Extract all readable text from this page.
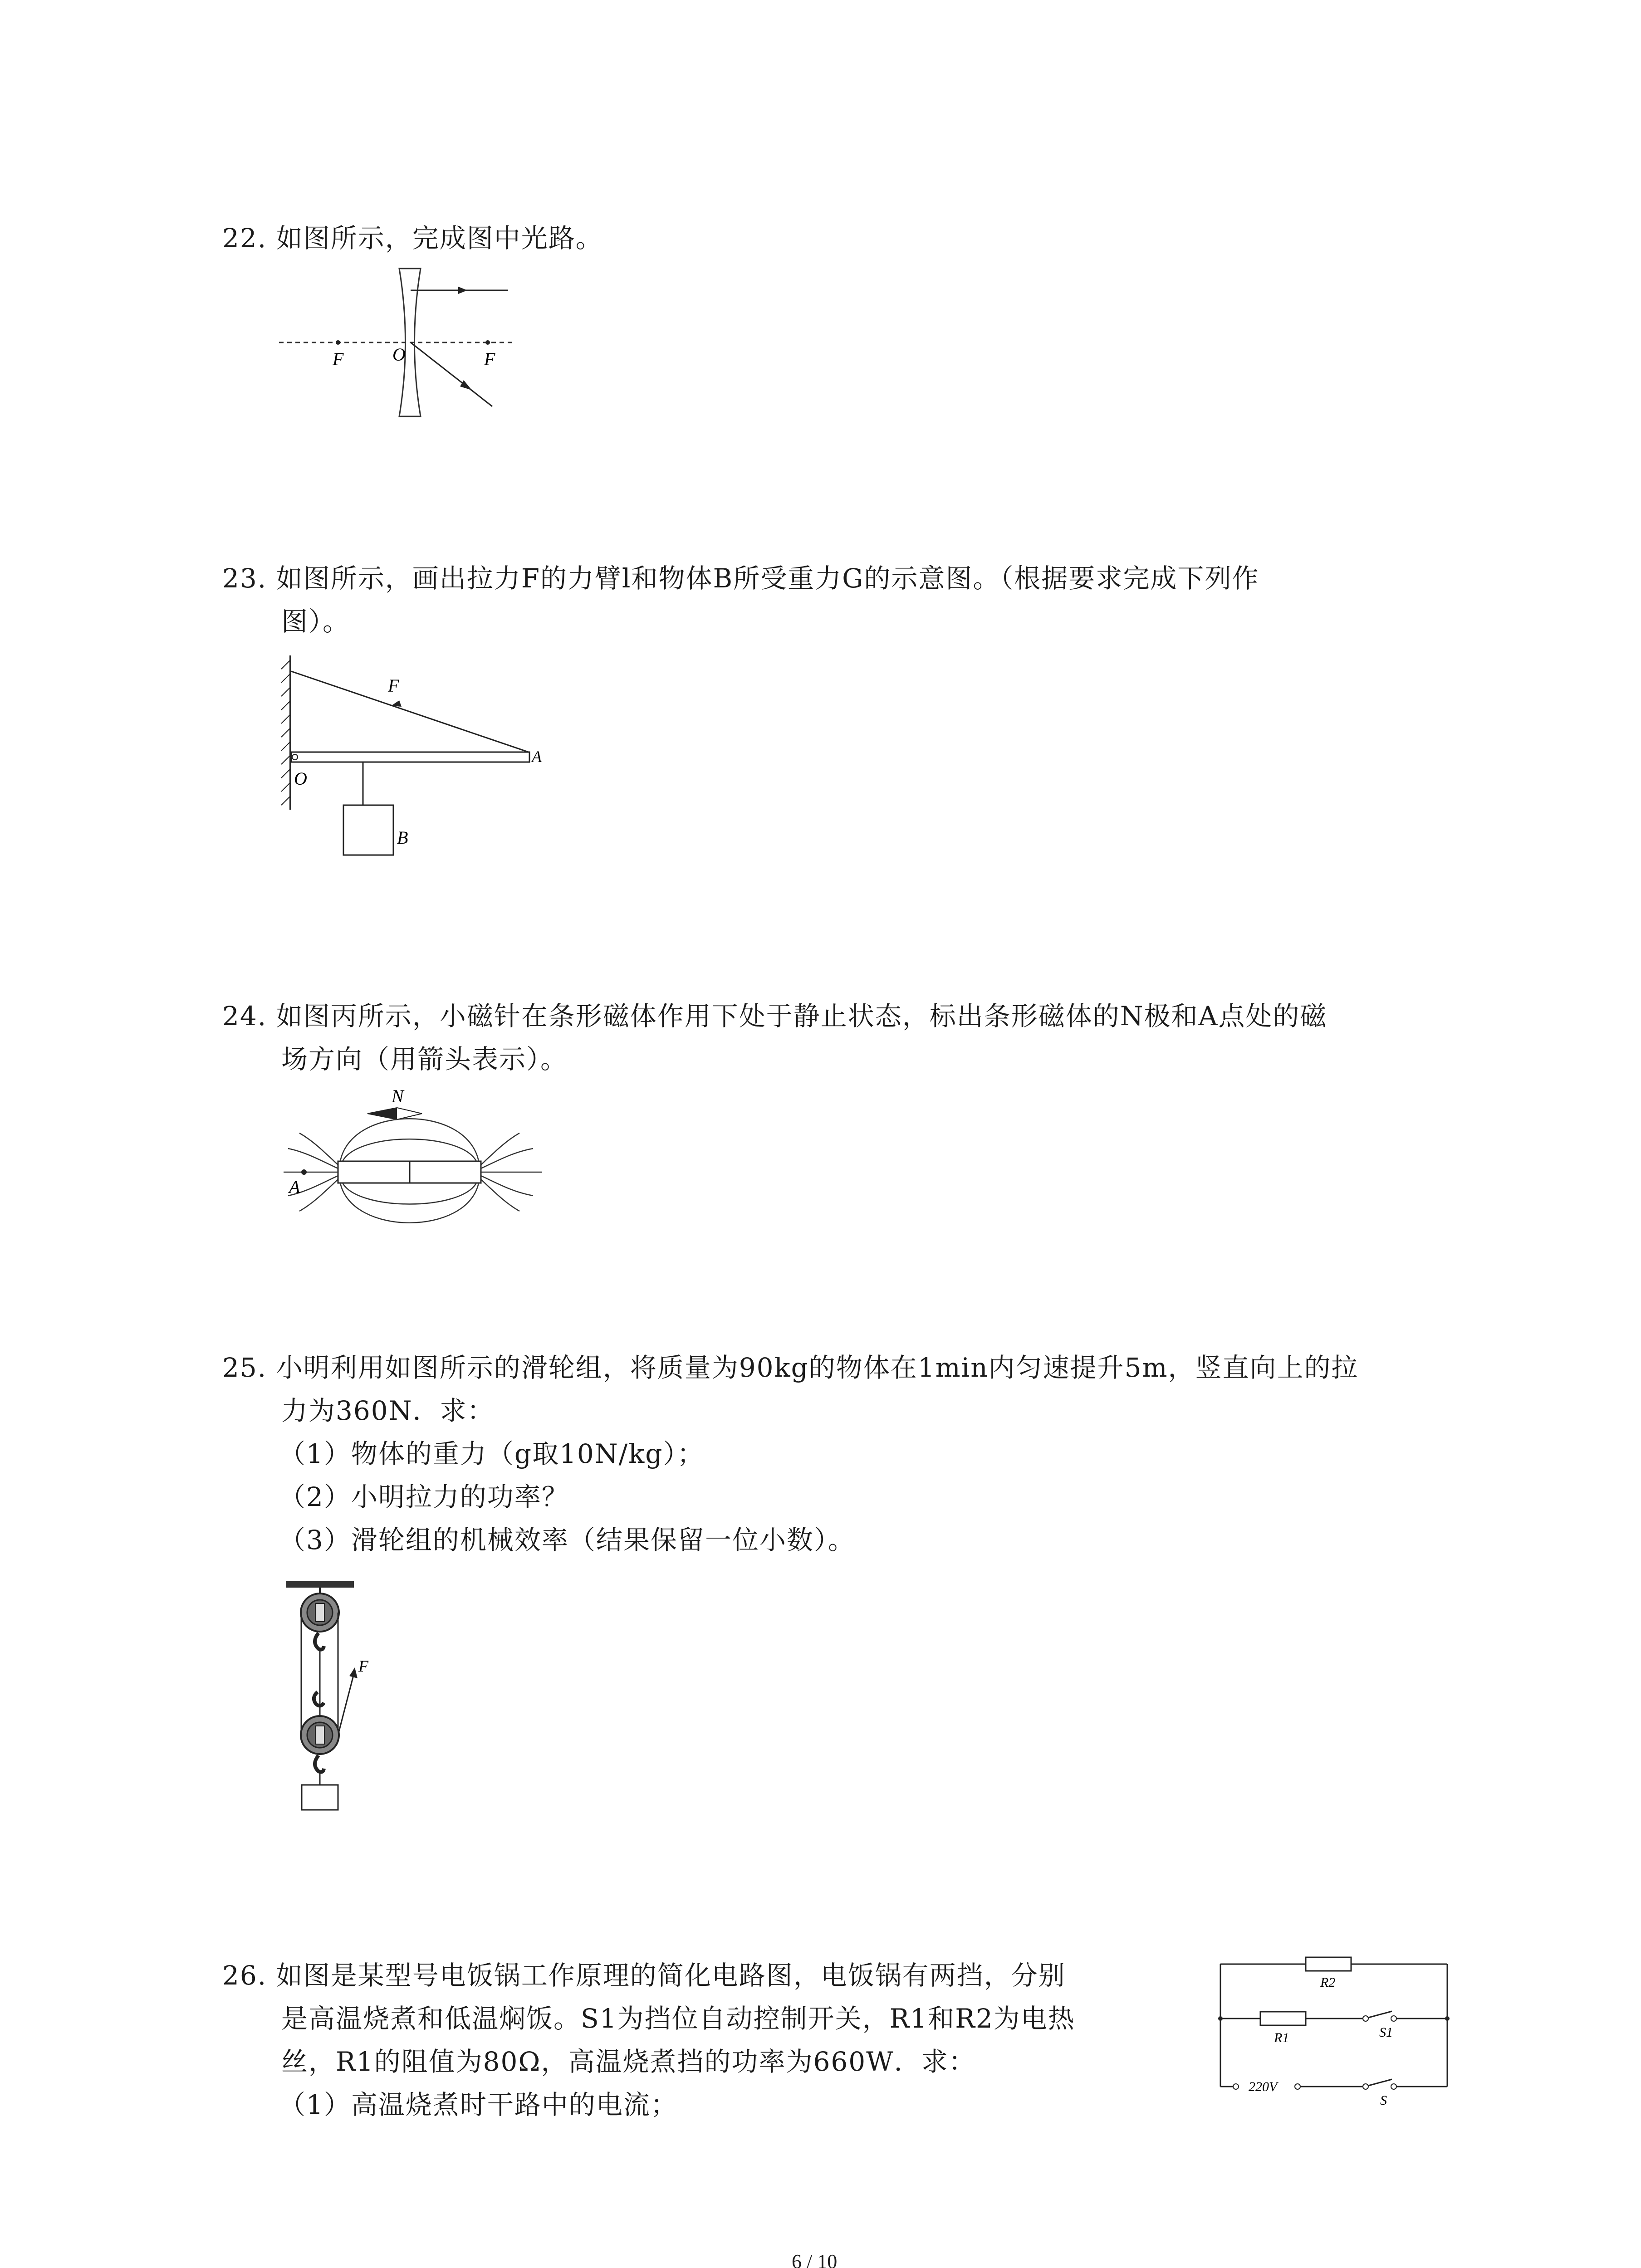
22. 如图所示，完成图中光路。
F	O	F
23. 如图所示，画出拉力F的力臂l和物体B所受重力G的示意图。（根据要求完成下列作
图）。
F
O
A
B
24. 如图丙所示，小磁针在条形磁体作用下处于静止状态，标出条形磁体的N极和A点处的磁
场方向（用箭头表示）。
N
A
25. 小明利用如图所示的滑轮组，将质量为90kg的物体在1min内匀速提升5m，竖直向上的拉
力为360N．求：
（1）物体的重力（g取10N/kg）；
（2）小明拉力的功率？
（3）滑轮组的机械效率（结果保留一位小数）。
F
26. 如图是某型号电饭锅工作原理的简化电路图，电饭锅有两挡，分别
是高温烧煮和低温焖饭。S1为挡位自动控制开关，R1和R2为电热
丝，R1的阻值为80Ω，高温烧煮挡的功率为660W．求：
（1）高温烧煮时干路中的电流；
R2
R1	S1
220V
S
6 / 10
